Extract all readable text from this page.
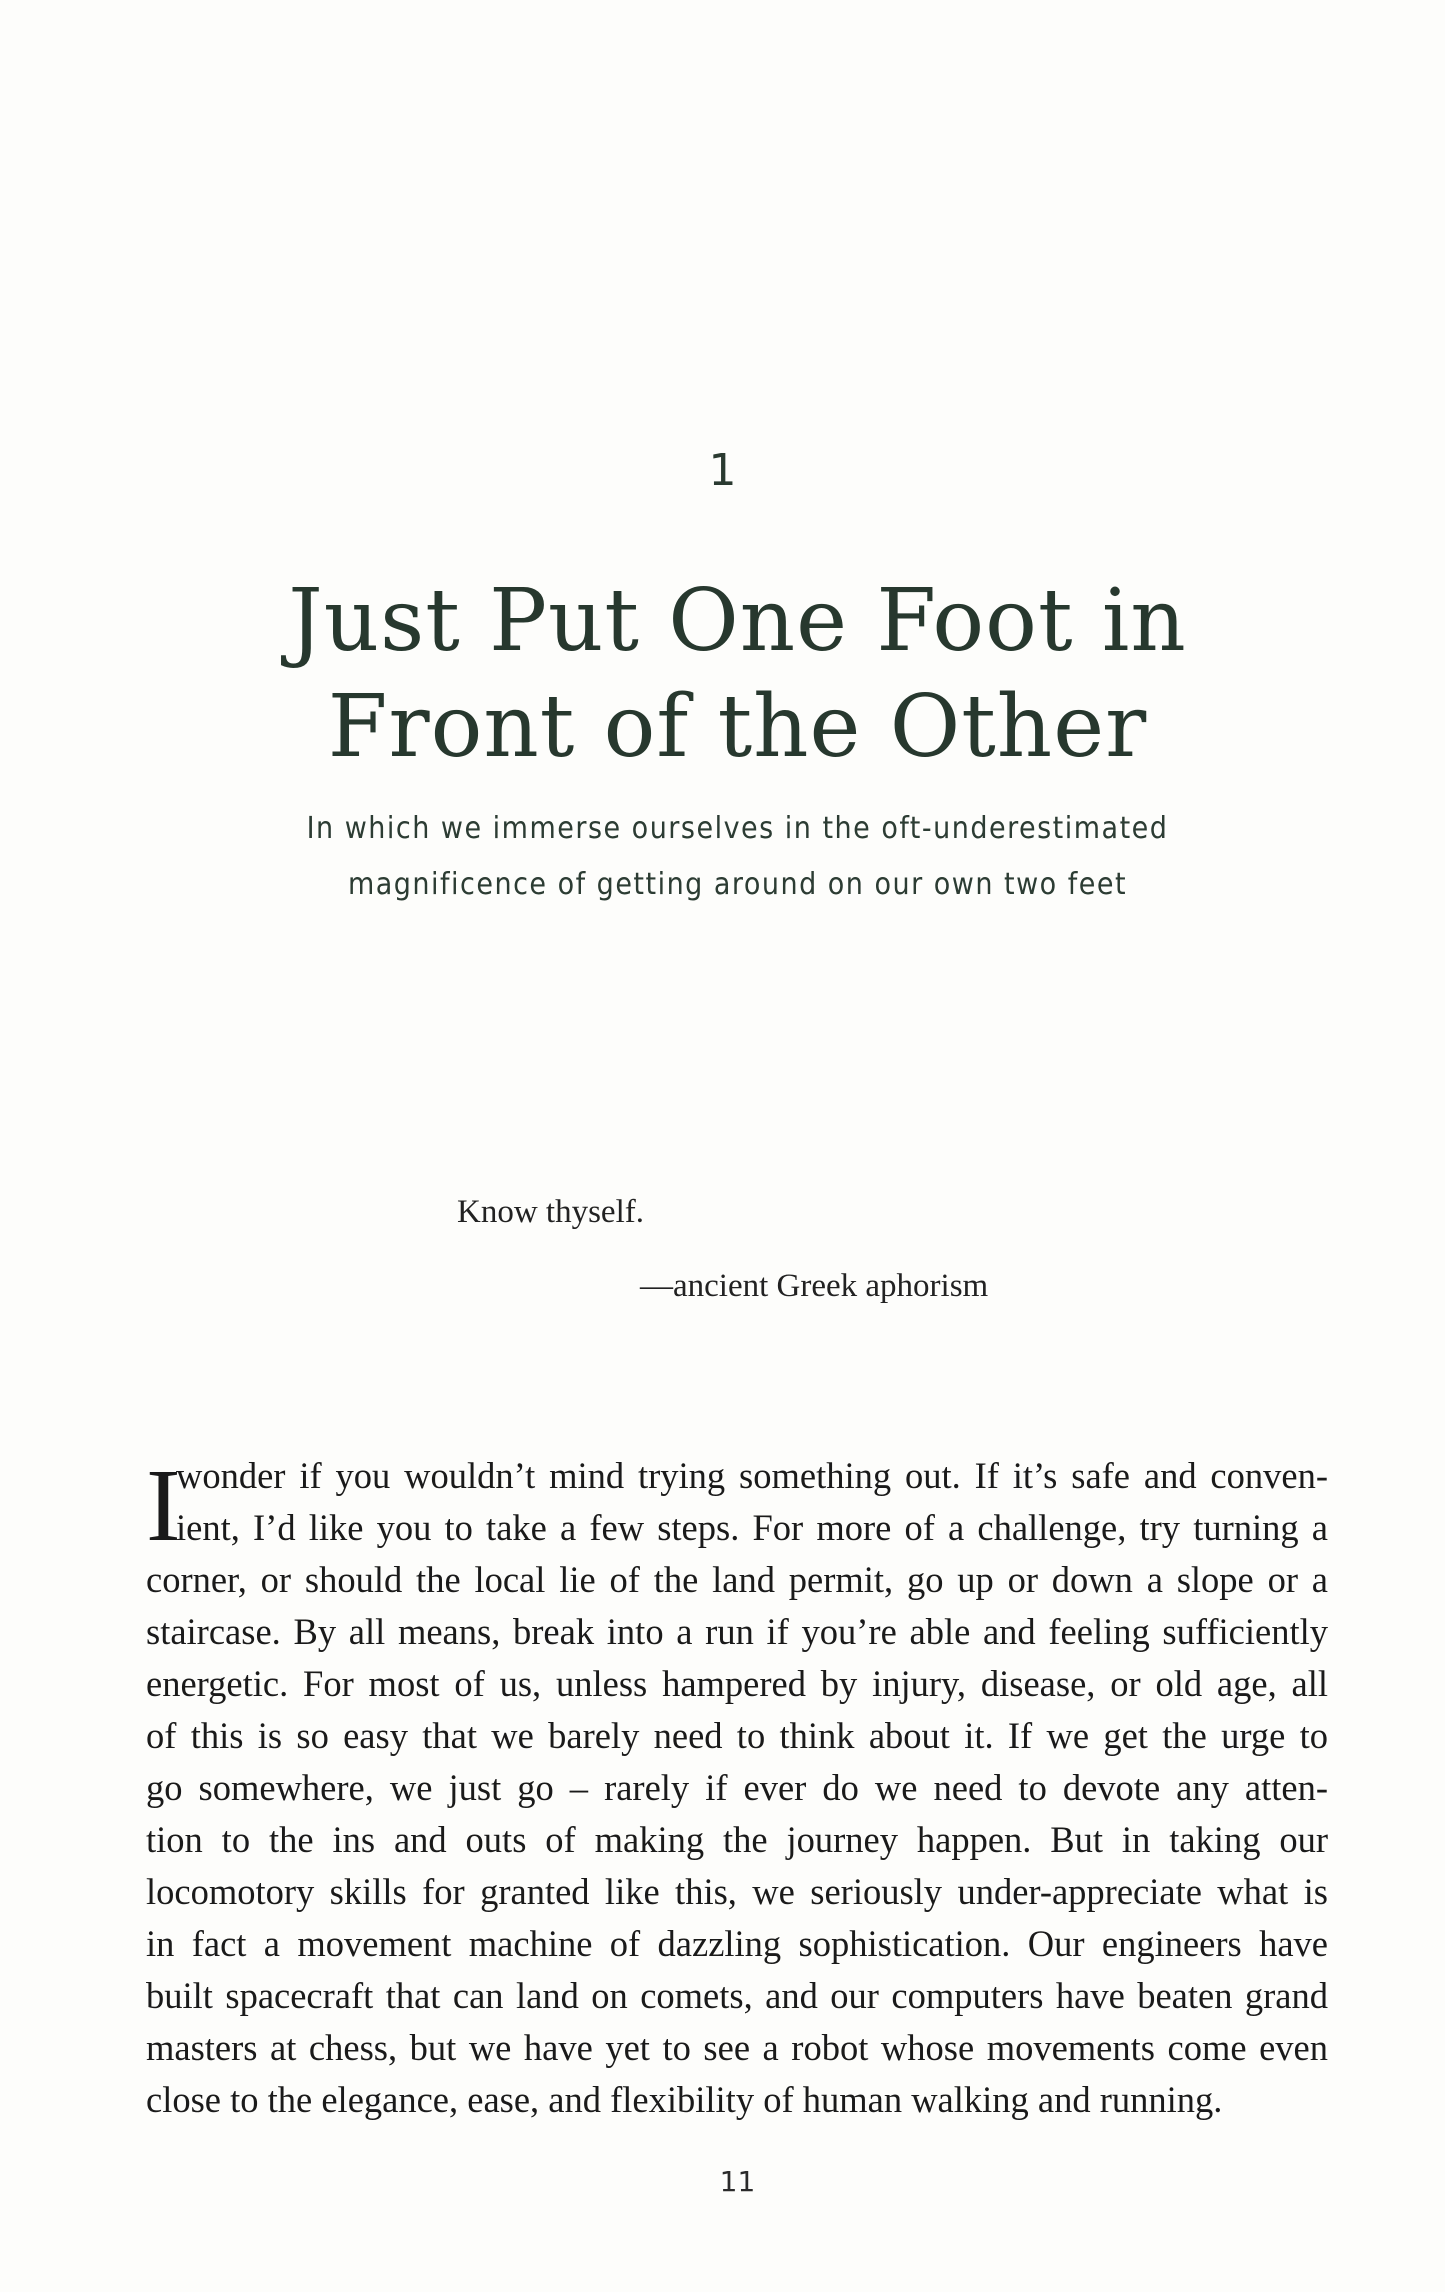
1
Just Put One Foot in
Front of the Other
In which we immerse ourselves in the oft-underestimated
magnificence of getting around on our own two feet
Know thyself.
—ancient Greek aphorism
I
wonder if you wouldn’t mind trying something out. If it’s safe and conven-
ient, I’d like you to take a few steps. For more of a challenge, try turning a
corner, or should the local lie of the land permit, go up or down a slope or a
staircase. By all means, break into a run if you’re able and feeling sufficiently
energetic. For most of us, unless hampered by injury, disease, or old age, all
of this is so easy that we barely need to think about it. If we get the urge to
go somewhere, we just go – rarely if ever do we need to devote any atten-
tion to the ins and outs of making the journey happen. But in taking our
locomotory skills for granted like this, we seriously under-appreciate what is
in fact a movement machine of dazzling sophistication. Our engineers have
built spacecraft that can land on comets, and our computers have beaten grand
masters at chess, but we have yet to see a robot whose movements come even
close to the elegance, ease, and flexibility of human walking and running.
11
